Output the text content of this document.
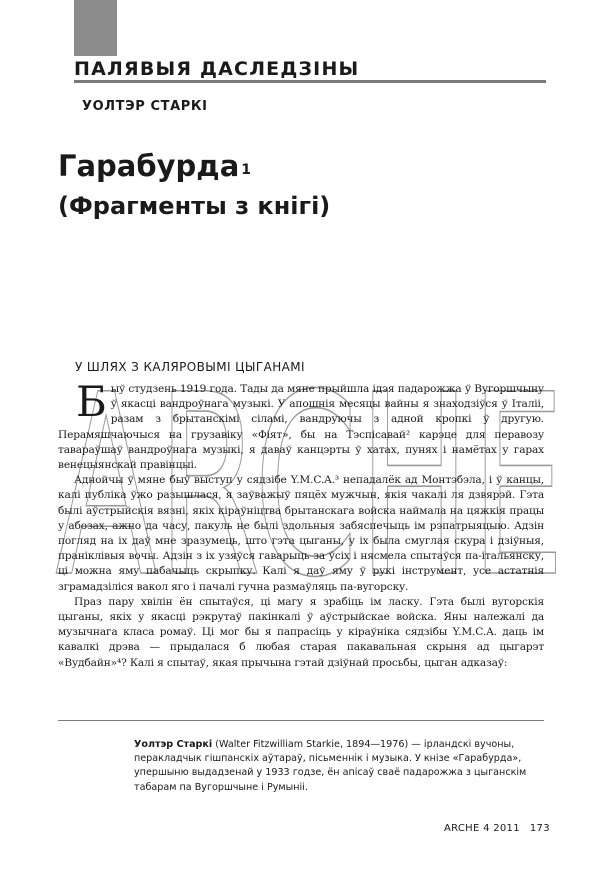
ПАЛЯВЫЯ ДАСЛЕДЗІНЫ
УОЛТЭР СТАРКІ
Гарабурда $^1$
(Фрагменты з кнігі)
ARCHE
У ШЛЯХ З КАЛЯРОВЫМІ ЦЫГАНАМІ

Быў студзень 1919 года. Тады да мяне прыйшла ідэя падарожжа ў Вугоршчыну ў якасці вандроўнага музыкі. У апошнія месяцы вайны я знаходзіўся ў Італіі, разам з брытанскімі сіламі, вандруючы з адной кропкі ў другую. Перамяшчаючыся на грузавіку «Фіят», бы на Тэспісавай² карэце для перавозу тавараўшаў вандроўнага музыкі, я даваў канцэрты ў хатах, пунях і намётах у гарах венецыянскай правінцыі.

Аднойчы ў мяне быў выступ у сядзібе Y.M.C.A.³ непадалёк ад Монтэбэла, і ў канцы, калі публіка ўжо разышлася, я заўважыў пяцёх мужчын, якія чакалі ля дзвярэй. Гэта былі аўстрыйскія вязні, якіх кіраўніцтва брытанскага войска наймала на цяжкія працы у абозах, ажно да часу, пакуль не былі здольныя забяспечыць ім рэпатрыяцыю. Адзін погляд на іх даў мне зразумець, што гэта цыганы, у іх была смуглая скура і дзіўныя, праніклівыя вочы. Адзін з іх узяўся гаварыць за ўсіх і нясмела спытаўся па-італьянску, ці можна яму пабачыць скрыпку. Калі я даў яму ў рукі інструмент, усе астатнія зграмадзіліся вакол яго і пачалі гучна размаўляць па-вугорску.

Праз пару хвілін ён спытаўся, ці магу я зрабіць ім ласку. Гэта былі вугорскія цыганы, якіх у якасці рэкрутаў пакінкалі ў аўстрыйскае войска. Яны належалі да музычнага класа ромаў. Ці мог бы я папрасіць у кіраўніка сядзібы Y.M.C.A. даць ім кавалкі дрэва — прыдалася б любая старая пакавальная скрыня ад цыгарэт «Вудбайн»⁴? Калі я спытаў, якая прычына гэтай дзіўнай просьбы, цыган адказаў:

Уолтэр Старкі (Walter Fitzwilliam Starkie, 1894—1976) — ірландскі вучоны, перакладчык гішпанскіх аўтараў, пісьменнік і музыка. У кнізе «Гарабурда», упершыню выдадзенай у 1933 годзе, ён апісаў сваё падарожжа з цыганскім табарам па Вугоршчыне і Румыніі.
ARCHE 4 2011 173
